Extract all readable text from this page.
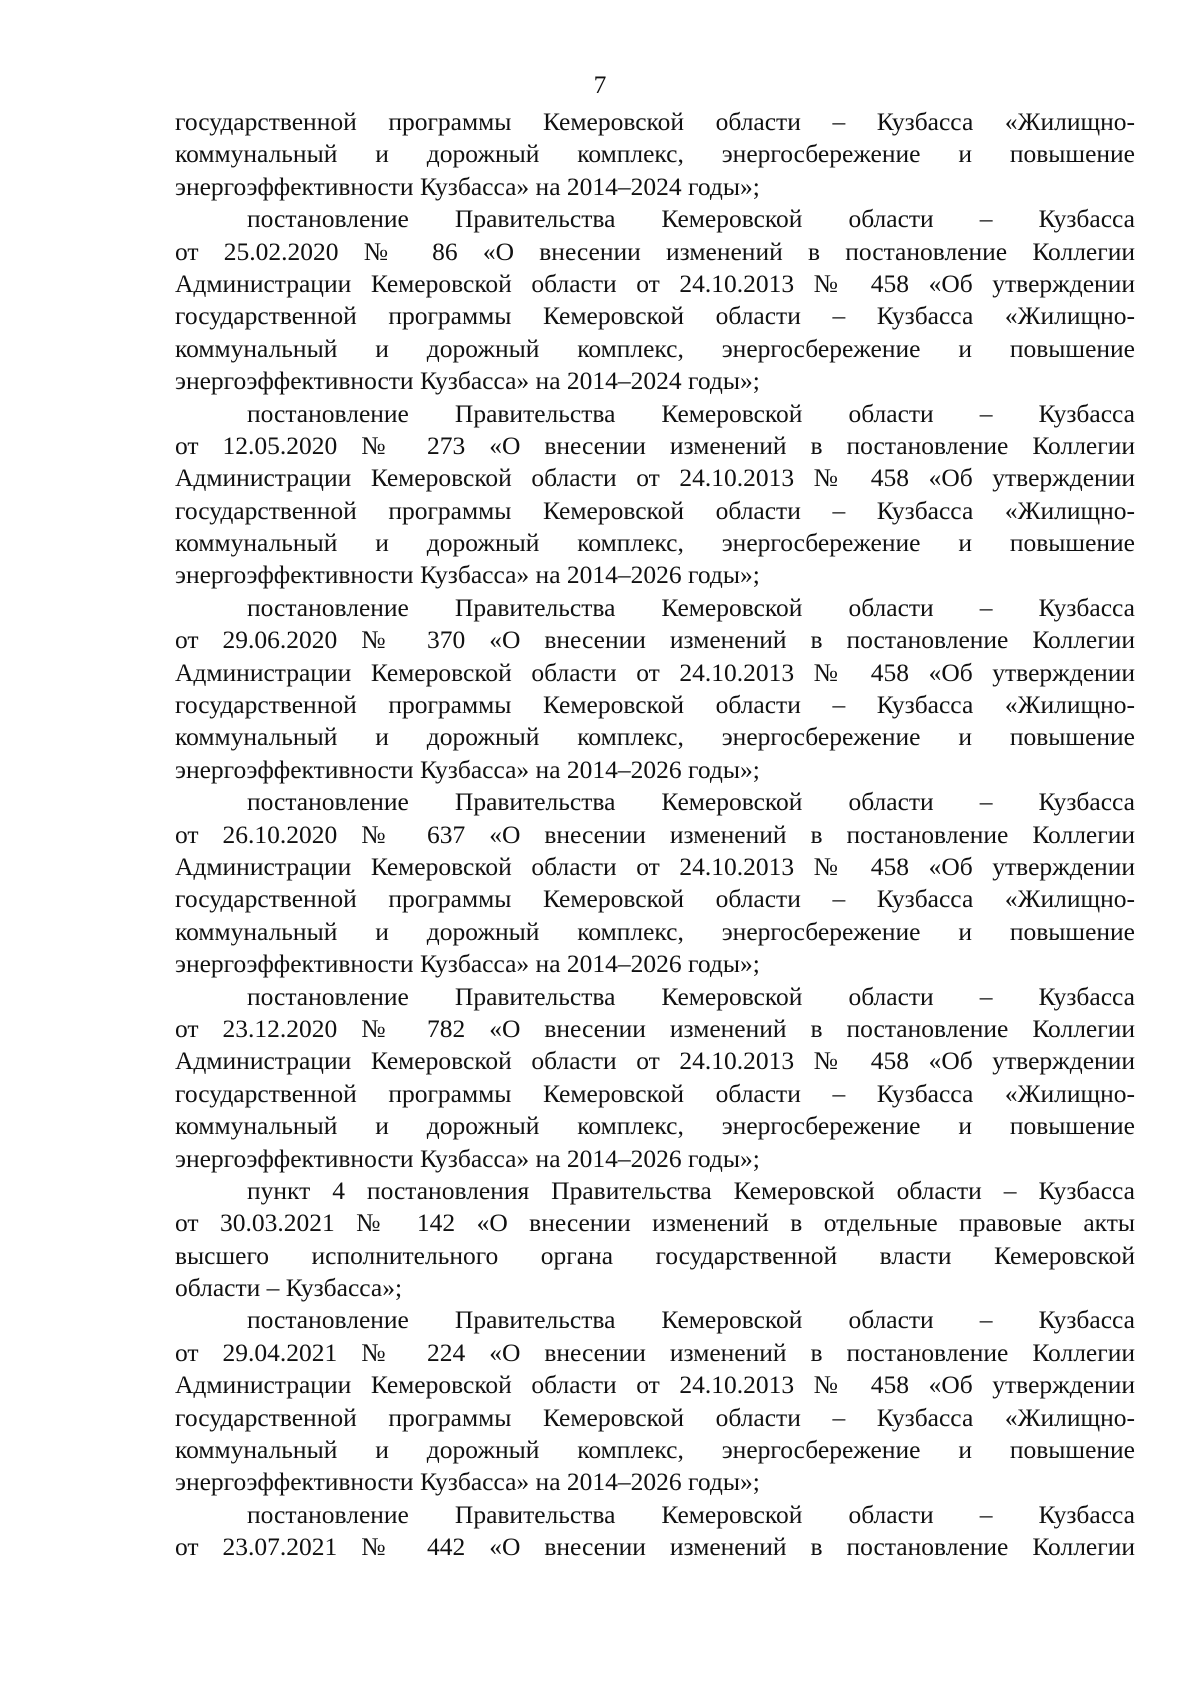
7
государственной программы Кемеровской области – Кузбасса «Жилищно-
коммунальный и дорожный комплекс, энергосбережение и повышение
энергоэффективности Кузбасса» на 2014–2024 годы»;
постановление Правительства Кемеровской области – Кузбасса
от 25.02.2020 № 86 «О внесении изменений в постановление Коллегии
Администрации Кемеровской области от 24.10.2013 № 458 «Об утверждении
государственной программы Кемеровской области – Кузбасса «Жилищно-
коммунальный и дорожный комплекс, энергосбережение и повышение
энергоэффективности Кузбасса» на 2014–2024 годы»;
постановление Правительства Кемеровской области – Кузбасса
от 12.05.2020 № 273 «О внесении изменений в постановление Коллегии
Администрации Кемеровской области от 24.10.2013 № 458 «Об утверждении
государственной программы Кемеровской области – Кузбасса «Жилищно-
коммунальный и дорожный комплекс, энергосбережение и повышение
энергоэффективности Кузбасса» на 2014–2026 годы»;
постановление Правительства Кемеровской области – Кузбасса
от 29.06.2020 № 370 «О внесении изменений в постановление Коллегии
Администрации Кемеровской области от 24.10.2013 № 458 «Об утверждении
государственной программы Кемеровской области – Кузбасса «Жилищно-
коммунальный и дорожный комплекс, энергосбережение и повышение
энергоэффективности Кузбасса» на 2014–2026 годы»;
постановление Правительства Кемеровской области – Кузбасса
от 26.10.2020 № 637 «О внесении изменений в постановление Коллегии
Администрации Кемеровской области от 24.10.2013 № 458 «Об утверждении
государственной программы Кемеровской области – Кузбасса «Жилищно-
коммунальный и дорожный комплекс, энергосбережение и повышение
энергоэффективности Кузбасса» на 2014–2026 годы»;
постановление Правительства Кемеровской области – Кузбасса
от 23.12.2020 № 782 «О внесении изменений в постановление Коллегии
Администрации Кемеровской области от 24.10.2013 № 458 «Об утверждении
государственной программы Кемеровской области – Кузбасса «Жилищно-
коммунальный и дорожный комплекс, энергосбережение и повышение
энергоэффективности Кузбасса» на 2014–2026 годы»;
пункт 4 постановления Правительства Кемеровской области – Кузбасса
от 30.03.2021 № 142 «О внесении изменений в отдельные правовые акты
высшего исполнительного органа государственной власти Кемеровской
области – Кузбасса»;
постановление Правительства Кемеровской области – Кузбасса
от 29.04.2021 № 224 «О внесении изменений в постановление Коллегии
Администрации Кемеровской области от 24.10.2013 № 458 «Об утверждении
государственной программы Кемеровской области – Кузбасса «Жилищно-
коммунальный и дорожный комплекс, энергосбережение и повышение
энергоэффективности Кузбасса» на 2014–2026 годы»;
постановление Правительства Кемеровской области – Кузбасса
от 23.07.2021 № 442 «О внесении изменений в постановление Коллегии
